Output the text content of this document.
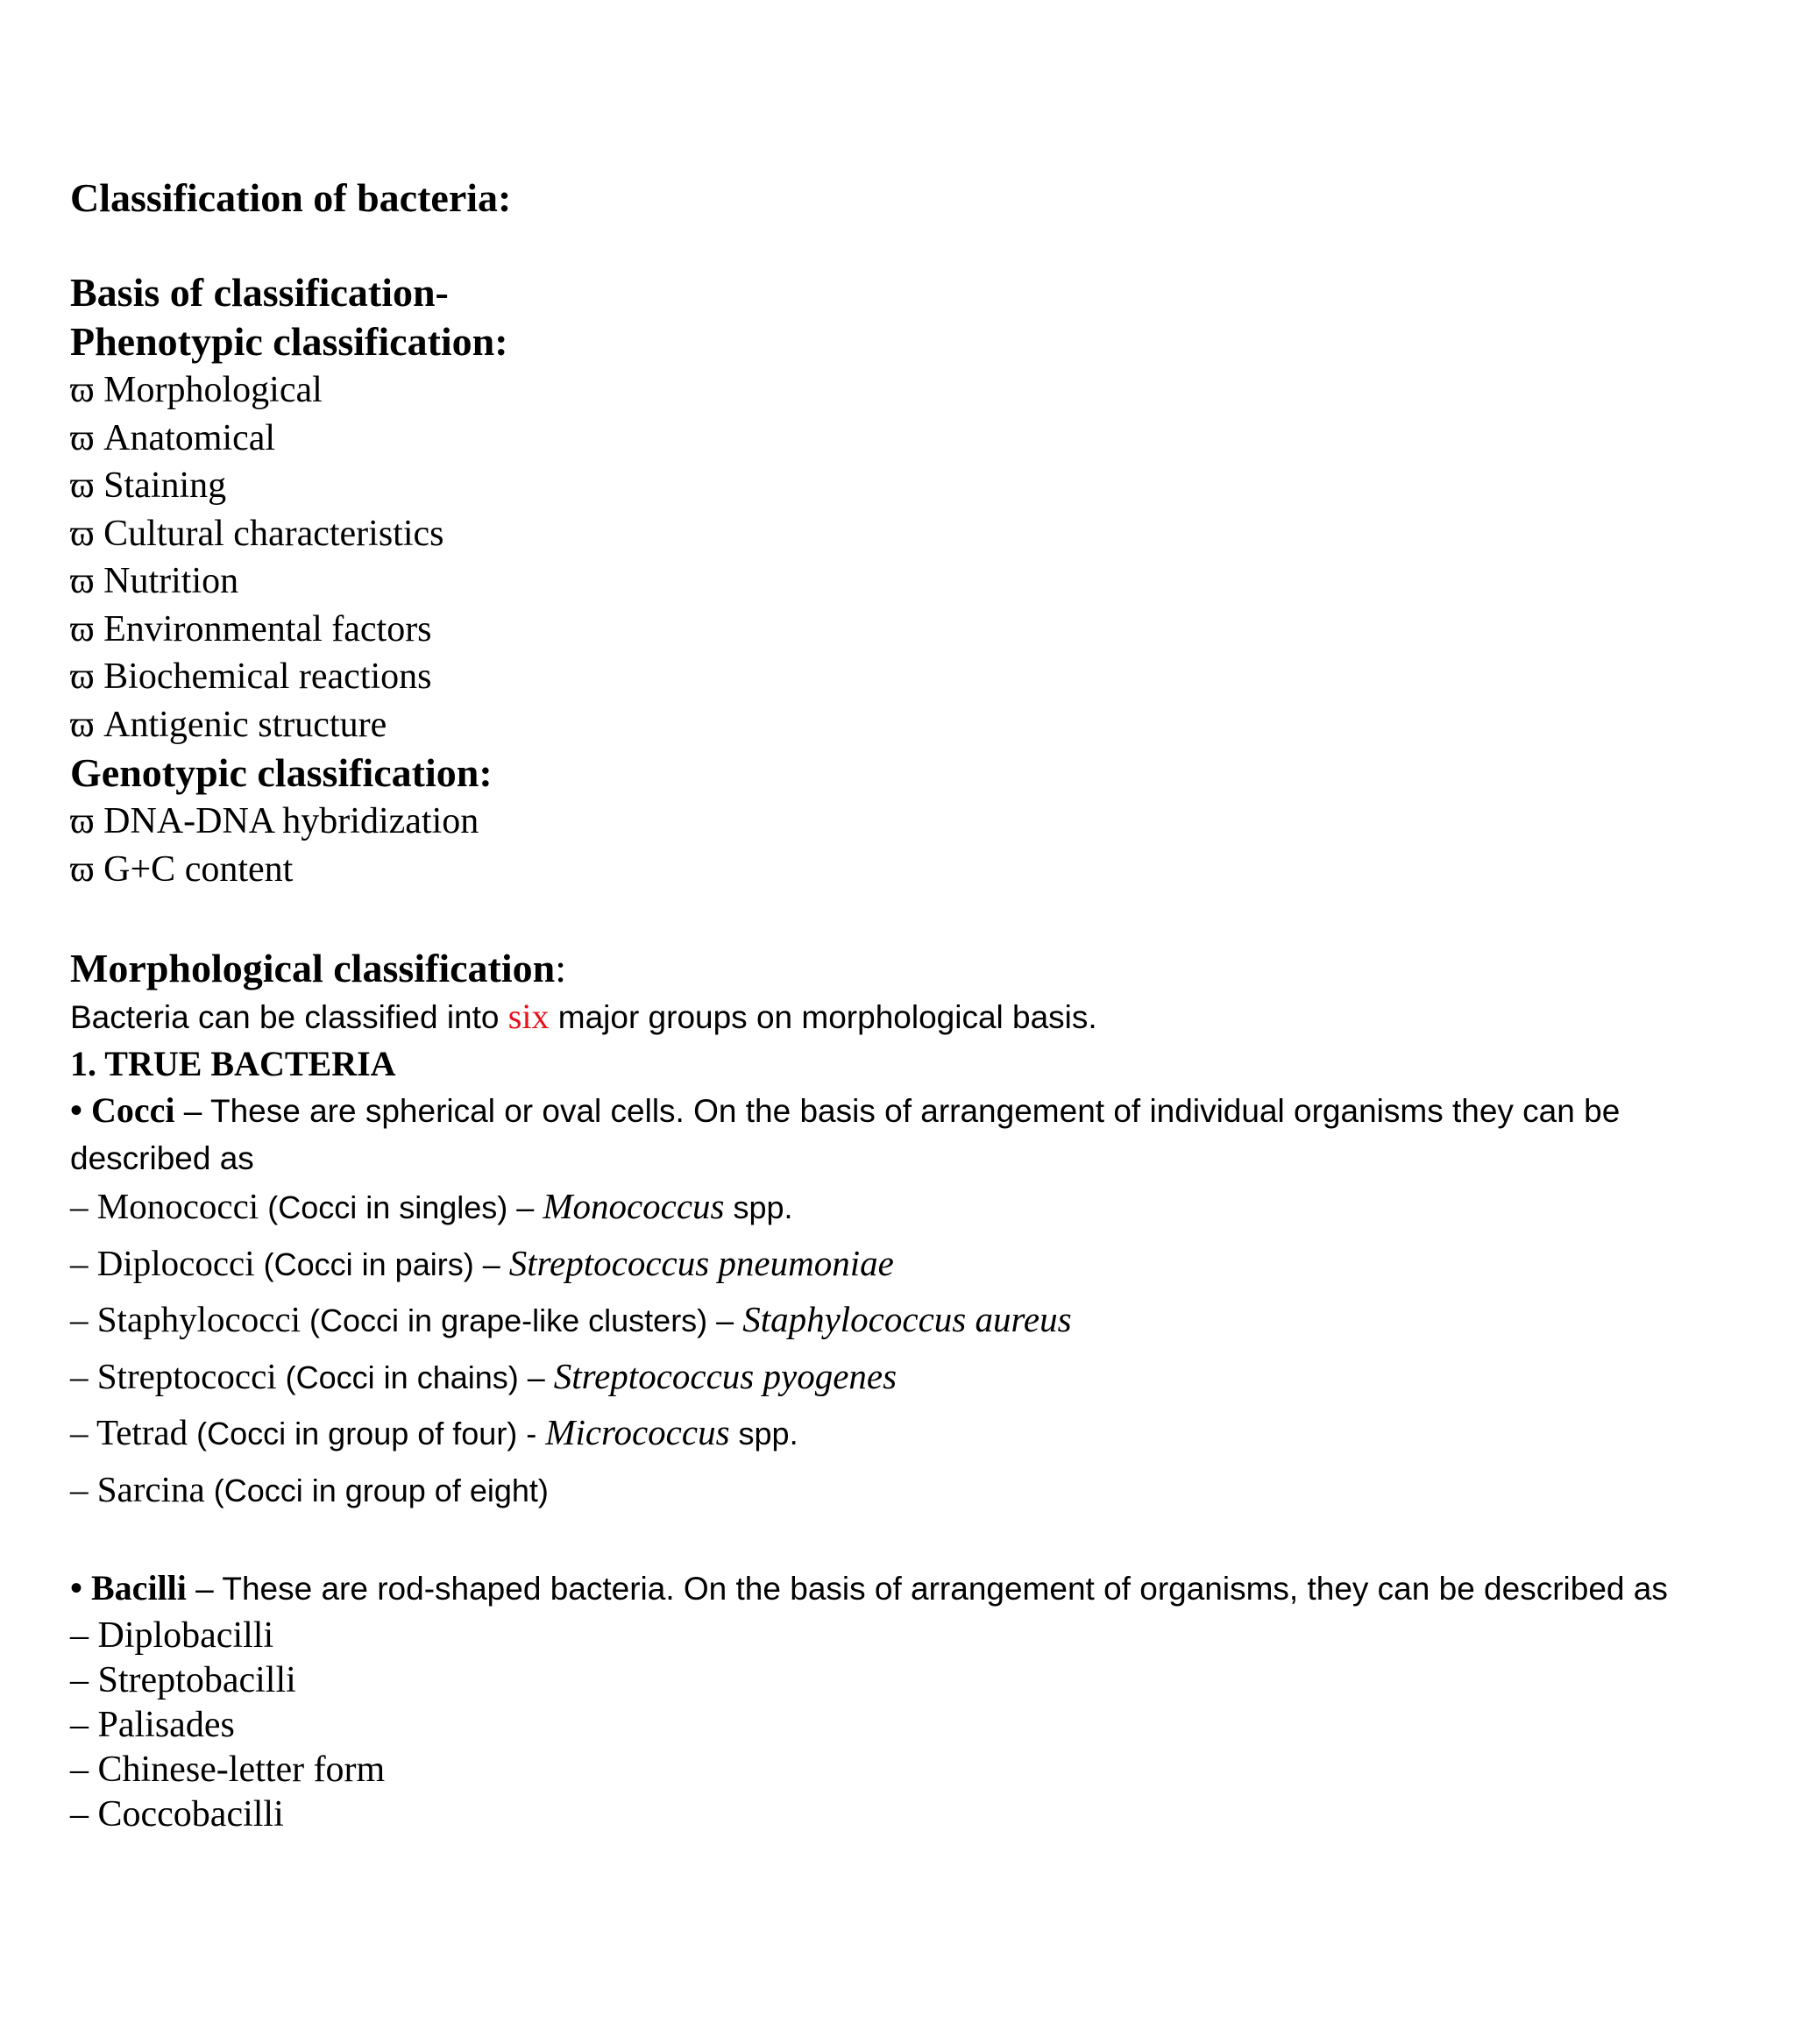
Classification of bacteria:

Basis of classification-

Phenotypic classification:

ϖ Morphological

ϖ Anatomical

ϖ Staining

ϖ Cultural characteristics

ϖ Nutrition

ϖ Environmental factors

ϖ Biochemical reactions

ϖ Antigenic structure

Genotypic classification:

ϖ DNA-DNA hybridization

ϖ G+C content

Morphological classification:

Bacteria can be classified into six major groups on morphological basis.

1. TRUE BACTERIA

• Cocci – These are spherical or oval cells. On the basis of arrangement of individual organisms they can be described as

– Monococci (Cocci in singles) – Monococcus spp.

– Diplococci (Cocci in pairs) – Streptococcus pneumoniae

– Staphylococci (Cocci in grape-like clusters) – Staphylococcus aureus

– Streptococci (Cocci in chains) – Streptococcus pyogenes

– Tetrad (Cocci in group of four) - Micrococcus spp.

– Sarcina (Cocci in group of eight)

• Bacilli – These are rod-shaped bacteria. On the basis of arrangement of organisms, they can be described as

– Diplobacilli

– Streptobacilli

– Palisades

– Chinese-letter form

– Coccobacilli
